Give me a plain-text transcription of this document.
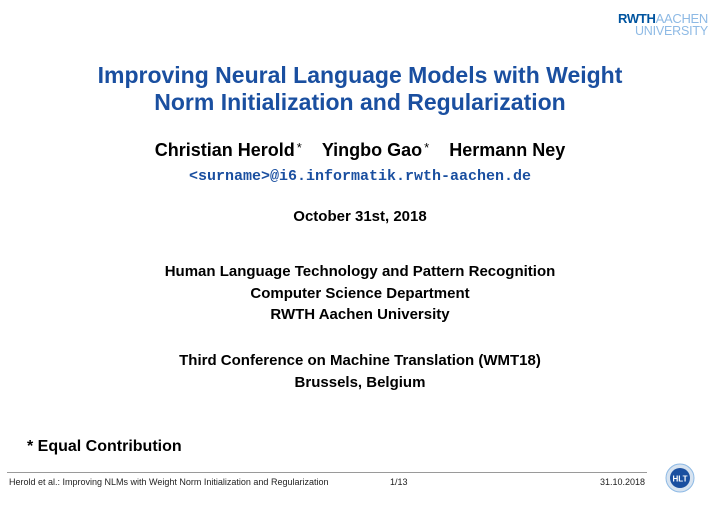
RWTHAACHEN
UNIVERSITY
Improving Neural Language Models with Weight
Norm Initialization and Regularization
Christian Herold * Yingbo Gao * Hermann Ney
<surname>@i6.informatik.rwth-aachen.de
October 31st, 2018
Human Language Technology and Pattern Recognition
Computer Science Department
RWTH Aachen University
Third Conference on Machine Translation (WMT18)
Brussels, Belgium
* Equal Contribution
Herold et al.: Improving NLMs with Weight Norm Initialization and Regularization	1/13	31.10.2018	HLT
